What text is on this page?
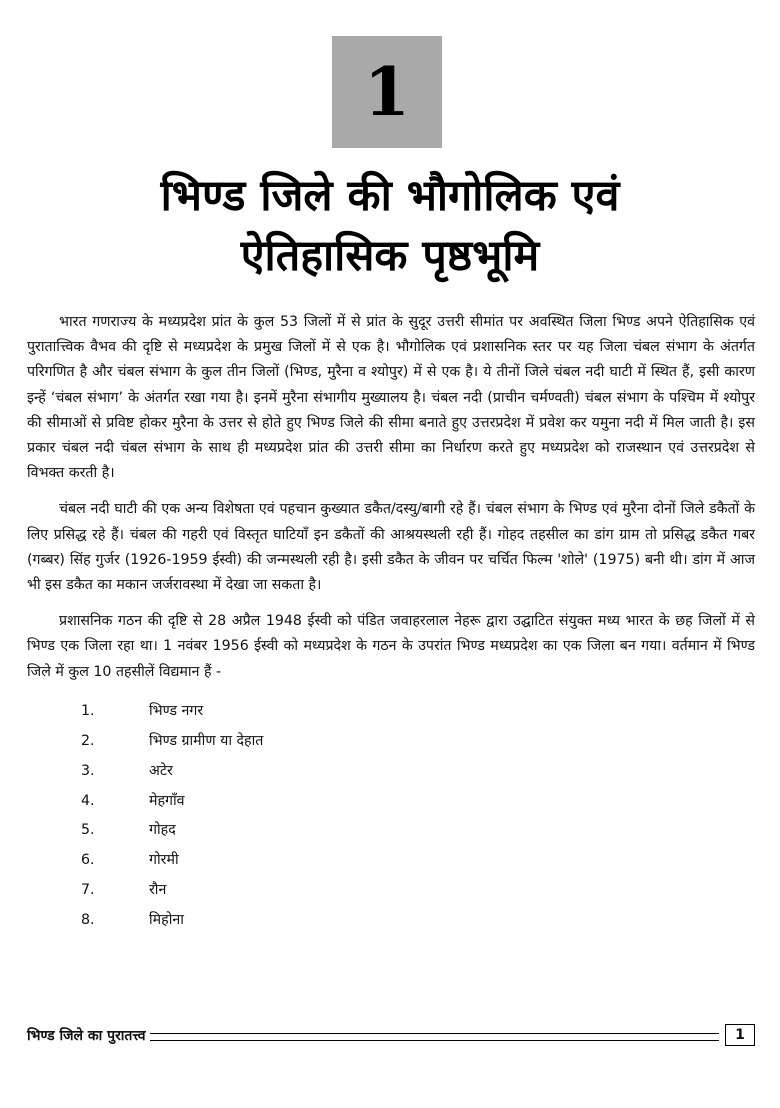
1
भिण्ड जिले की भौगोलिक एवं
ऐतिहासिक पृष्ठभूमि

भारत गणराज्य के मध्यप्रदेश प्रांत के कुल 53 जिलों में से प्रांत के सुदूर उत्तरी सीमांत पर अवस्थित जिला भिण्ड अपने ऐतिहासिक एवं पुरातात्त्विक वैभव की दृष्टि से मध्यप्रदेश के प्रमुख जिलों में से एक है। भौगोलिक एवं प्रशासनिक स्तर पर यह जिला चंबल संभाग के अंतर्गत परिगणित है और चंबल संभाग के कुल तीन जिलों (भिण्ड, मुरैना व श्योपुर) में से एक है। ये तीनों जिले चंबल नदी घाटी में स्थित हैं, इसी कारण इन्हें ‘चंबल संभाग’ के अंतर्गत रखा गया है। इनमें मुरैना संभागीय मुख्यालय है। चंबल नदी (प्राचीन चर्मण्वती) चंबल संभाग के पश्चिम में श्योपुर की सीमाओं से प्रविष्ट होकर मुरैना के उत्तर से होते हुए भिण्ड जिले की सीमा बनाते हुए उत्तरप्रदेश में प्रवेश कर यमुना नदी में मिल जाती है। इस प्रकार चंबल नदी चंबल संभाग के साथ ही मध्यप्रदेश प्रांत की उत्तरी सीमा का निर्धारण करते हुए मध्यप्रदेश को राजस्थान एवं उत्तरप्रदेश से विभक्त करती है।

चंबल नदी घाटी की एक अन्य विशेषता एवं पहचान कुख्यात डकैत/दस्यु/बागी रहे हैं। चंबल संभाग के भिण्ड एवं मुरैना दोनों जिले डकैतों के लिए प्रसिद्ध रहे हैं। चंबल की गहरी एवं विस्तृत घाटियाँ इन डकैतों की आश्रयस्थली रही हैं। गोहद तहसील का डांग ग्राम तो प्रसिद्ध डकैत गबर (गब्बर) सिंह गुर्जर (1926-1959 ईस्वी) की जन्मस्थली रही है। इसी डकैत के जीवन पर चर्चित फिल्म 'शोले' (1975) बनी थी। डांग में आज भी इस डकैत का मकान जर्जरावस्था में देखा जा सकता है।

प्रशासनिक गठन की दृष्टि से 28 अप्रैल 1948 ईस्वी को पंडित जवाहरलाल नेहरू द्वारा उद्घाटित संयुक्त मध्य भारत के छह जिलों में से भिण्ड एक जिला रहा था। 1 नवंबर 1956 ईस्वी को मध्यप्रदेश के गठन के उपरांत भिण्ड मध्यप्रदेश का एक जिला बन गया। वर्तमान में भिण्ड जिले में कुल 10 तहसीलें विद्यमान हैं -

1.	भिण्ड नगर
2.	भिण्ड ग्रामीण या देहात
3.	अटेर
4.	मेहगाँव
5.	गोहद
6.	गोरमी
7.	रौन
8.	मिहोना
भिण्ड जिले का पुरातत्त्व	1
